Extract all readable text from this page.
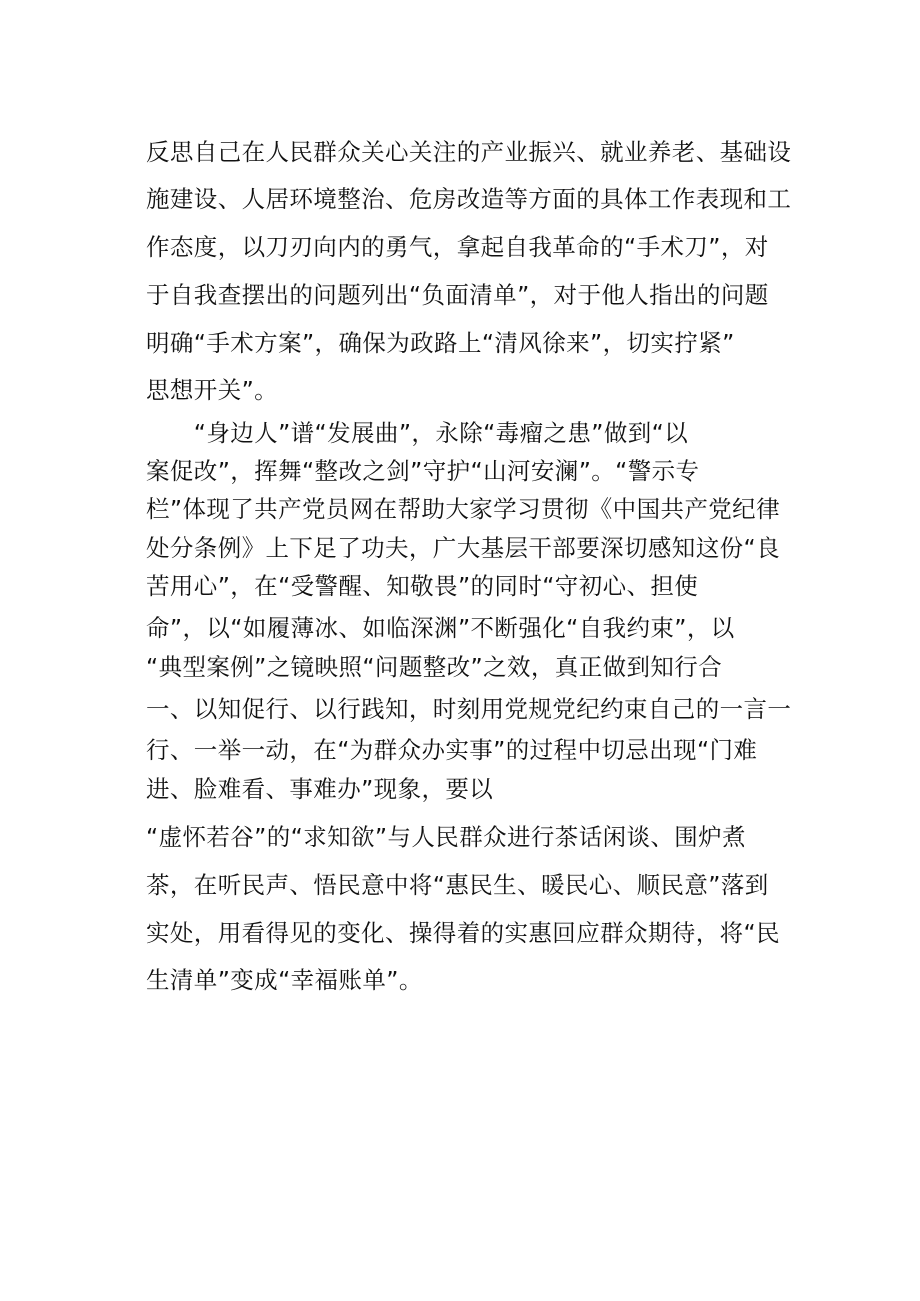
反思自己在人民群众关心关注的产业振兴、就业养老、基础设
施建设、人居环境整治、危房改造等方面的具体工作表现和工
作态度，以刀刃向内的勇气，拿起自我革命的“手术刀”，对
于自我查摆出的问题列出“负面清单”，对于他人指出的问题
明确“手术方案”，确保为政路上“清风徐来”，切实拧紧”
思想开关”。
　　“身边人”谱“发展曲”，永除“毒瘤之患”做到“以
案促改”，挥舞“整改之剑”守护“山河安澜”。“警示专
栏”体现了共产党员网在帮助大家学习贯彻《中国共产党纪律
处分条例》上下足了功夫，广大基层干部要深切感知这份“良
苦用心”，在“受警醒、知敬畏”的同时“守初心、担使
命”，以“如履薄冰、如临深渊”不断强化“自我约束”，以
“典型案例”之镜映照“问题整改”之效，真正做到知行合
一、以知促行、以行践知，时刻用党规党纪约束自己的一言一
行、一举一动，在“为群众办实事”的过程中切忌出现“门难
进、脸难看、事难办”现象，要以
“虚怀若谷”的“求知欲”与人民群众进行茶话闲谈、围炉煮
茶，在听民声、悟民意中将“惠民生、暖民心、顺民意”落到
实处，用看得见的变化、操得着的实惠回应群众期待，将“民
生清单”变成“幸福账单”。
